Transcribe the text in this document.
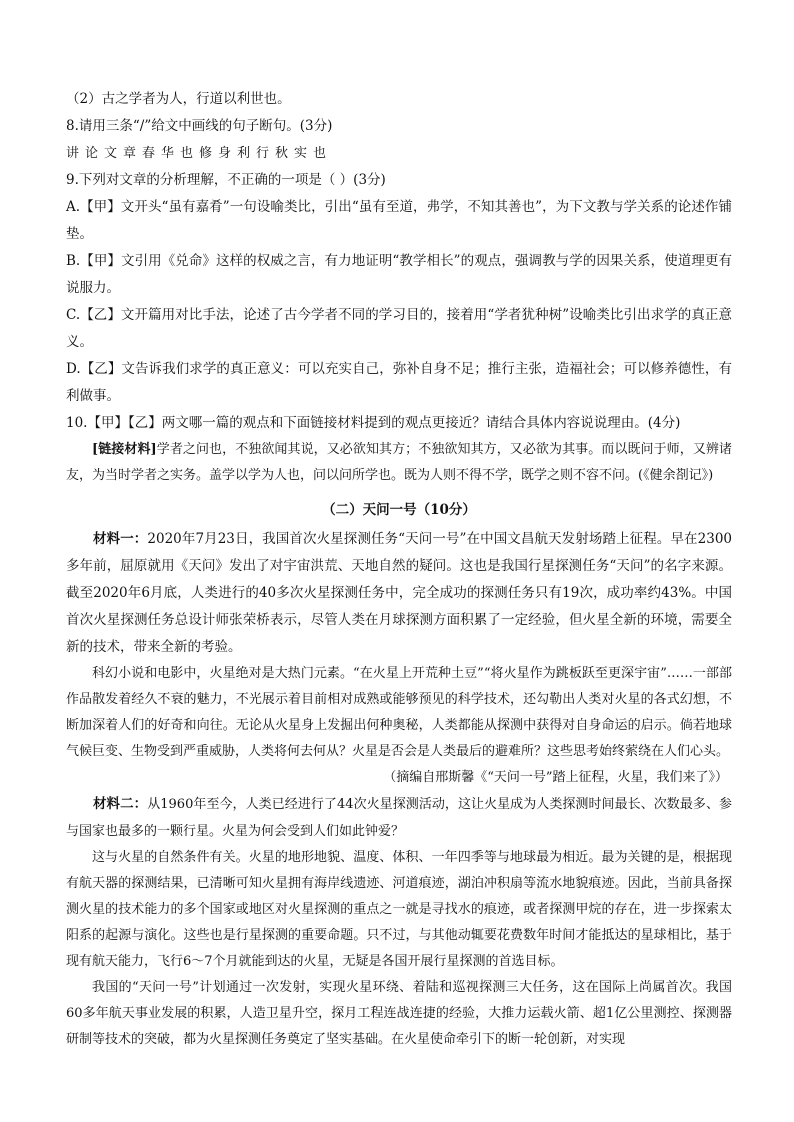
（2）古之学者为人，行道以利世也。

8.请用三条“/”给文中画线的句子断句。(3分)

讲论文章春华也修身利行秋实也

9.下列对文章的分析理解，不正确的一项是（ ）(3分)

A.【甲】文开头“虽有嘉肴”一句设喻类比，引出“虽有至道，弗学，不知其善也”，为下文教与学关系的论述作铺垫。

B.【甲】文引用《兑命》这样的权威之言，有力地证明“教学相长”的观点，强调教与学的因果关系，使道理更有说服力。

C.【乙】文开篇用对比手法，论述了古今学者不同的学习目的，接着用“学者犹种树”设喻类比引出求学的真正意义。

D.【乙】文告诉我们求学的真正意义：可以充实自己，弥补自身不足；推行主张，造福社会；可以修养德性，有利做事。

10.【甲】【乙】两文哪一篇的观点和下面链接材料提到的观点更接近？请结合具体内容说说理由。(4分)

[链接材料]学者之问也，不独欲闻其说，又必欲知其方；不独欲知其方，又必欲为其事。而以既问于师，又辨诸友，为当时学者之实务。盖学以学为人也，问以问所学也。既为人则不得不学，既学之则不容不问。(《健余剳记》)

（二）天问一号（10分）

材料一：2020年7月23日，我国首次火星探测任务“天问一号”在中国文昌航天发射场踏上征程。早在2300多年前，屈原就用《天问》发出了对宇宙洪荒、天地自然的疑问。这也是我国行星探测任务“天问”的名字来源。截至2020年6月底，人类进行的40多次火星探测任务中，完全成功的探测任务只有19次，成功率约43%。中国首次火星探测任务总设计师张荣桥表示，尽管人类在月球探测方面积累了一定经验，但火星全新的环境，需要全新的技术，带来全新的考验。

科幻小说和电影中，火星绝对是大热门元素。“在火星上开荒种土豆”“将火星作为跳板跃至更深宇宙”……一部部作品散发着经久不衰的魅力，不光展示着目前相对成熟或能够预见的科学技术，还勾勒出人类对火星的各式幻想，不断加深着人们的好奇和向往。无论从火星身上发掘出何种奥秘，人类都能从探测中获得对自身命运的启示。倘若地球气候巨变、生物受到严重威胁，人类将何去何从？火星是否会是人类最后的避难所？这些思考始终萦绕在人们心头。

（摘编自邢斯馨《“天问一号”踏上征程，火星，我们来了》）

材料二：从1960年至今，人类已经进行了44次火星探测活动，这让火星成为人类探测时间最长、次数最多、参与国家也最多的一颗行星。火星为何会受到人们如此钟爱？

这与火星的自然条件有关。火星的地形地貌、温度、体积、一年四季等与地球最为相近。最为关键的是，根据现有航天器的探测结果，已清晰可知火星拥有海岸线遗迹、河道痕迹，湖泊冲积扇等流水地貌痕迹。因此，当前具备探测火星的技术能力的多个国家或地区对火星探测的重点之一就是寻找水的痕迹，或者探测甲烷的存在，进一步探索太阳系的起源与演化。这些也是行星探测的重要命题。只不过，与其他动辄要花费数年时间才能抵达的星球相比，基于现有航天能力，飞行6～7个月就能到达的火星，无疑是各国开展行星探测的首选目标。

我国的“天问一号”计划通过一次发射，实现火星环绕、着陆和巡视探测三大任务，这在国际上尚属首次。我国60多年航天事业发展的积累，人造卫星升空，探月工程连战连捷的经验，大推力运载火箭、超1亿公里测控、探测器研制等技术的突破，都为火星探测任务奠定了坚实基础。在火星使命牵引下的断一轮创新，对实现
